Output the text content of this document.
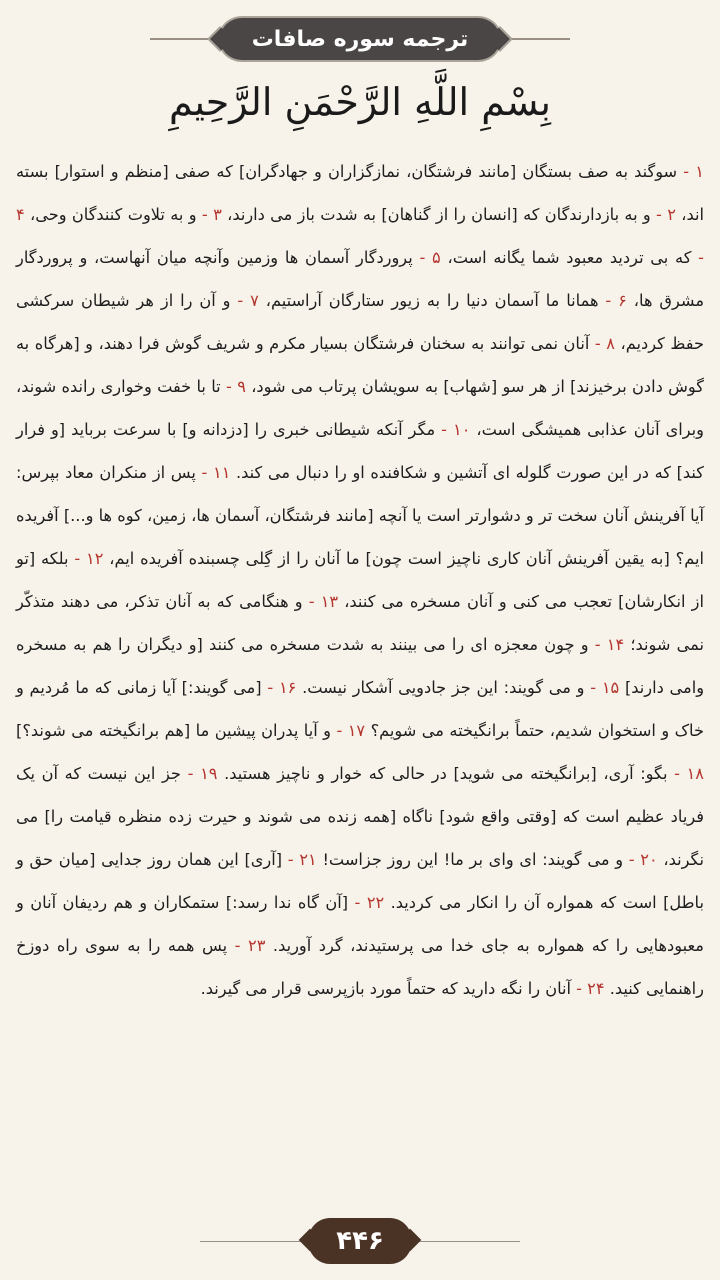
ترجمه سوره صافات
بِسْمِ اللَّهِ الرَّحْمَنِ الرَّحِيمِ

۱ - سوگند به صف بستگان [مانند فرشتگان، نمازگزاران و جهادگران] که صفی [منظم و استوار] بسته اند، ۲ - و به بازدارندگان که [انسان را از گناهان] به شدت باز می دارند، ۳ - و به تلاوت کنندگان وحی، ۴ - که بی تردید معبود شما یگانه است، ۵ - پروردگار آسمان ها وزمین وآنچه میان آنهاست، و پروردگار مشرق ها، ۶ - همانا ما آسمان دنیا را به زیور ستارگان آراستیم، ۷ - و آن را از هر شیطان سرکشی حفظ کردیم، ۸ - آنان نمی توانند به سخنان فرشتگان بسیار مکرم و شریف گوش فرا دهند، و [هرگاه به گوش دادن برخیزند] از هر سو [شهاب] به سویشان پرتاب می شود، ۹ - تا با خفت وخواری رانده شوند، وبرای آنان عذابی همیشگی است، ۱۰ - مگر آنکه شیطانی خبری را [دزدانه و] با سرعت برباید [و فرار کند] که در این صورت گلوله ای آتشین و شکافنده او را دنبال می کند. ۱۱ - پس از منکران معاد بپرس: آیا آفرینش آنان سخت تر و دشوارتر است یا آنچه [مانند فرشتگان، آسمان ها، زمین، کوه ها و...] آفریده ایم؟ [به یقین آفرینش آنان کاری ناچیز است چون] ما آنان را از گِلی چسبنده آفریده ایم، ۱۲ - بلکه [تو از انکارشان] تعجب می کنی و آنان مسخره می کنند، ۱۳ - و هنگامی که به آنان تذکر، می دهند متذکّر نمی شوند؛ ۱۴ - و چون معجزه ای را می بینند به شدت مسخره می کنند [و دیگران را هم به مسخره وامی دارند] ۱۵ - و می گویند: این جز جادویی آشکار نیست. ۱۶ - [می گویند:] آیا زمانی که ما مُردیم و خاک و استخوان شدیم، حتماً برانگیخته می شویم؟ ۱۷ - و آیا پدران پیشین ما [هم برانگیخته می شوند؟] ۱۸ - بگو: آری، [برانگیخته می شوید] در حالی که خوار و ناچیز هستید. ۱۹ - جز این نیست که آن یک فریاد عظیم است که [وقتی واقع شود] ناگاه [همه زنده می شوند و حیرت زده منظره قیامت را] می نگرند، ۲۰ - و می گویند: ای وای بر ما! این روز جزاست! ۲۱ - [آری] این همان روز جدایی [میان حق و باطل] است که همواره آن را انکار می کردید. ۲۲ - [آن گاه ندا رسد:] ستمکاران و هم ردیفان آنان و معبودهایی را که همواره به جای خدا می پرستیدند، گرد آورید. ۲۳ - پس همه را به سوی راه دوزخ راهنمایی کنید. ۲۴ - آنان را نگه دارید که حتماً مورد بازپرسی قرار می گیرند.

۴۴۶
